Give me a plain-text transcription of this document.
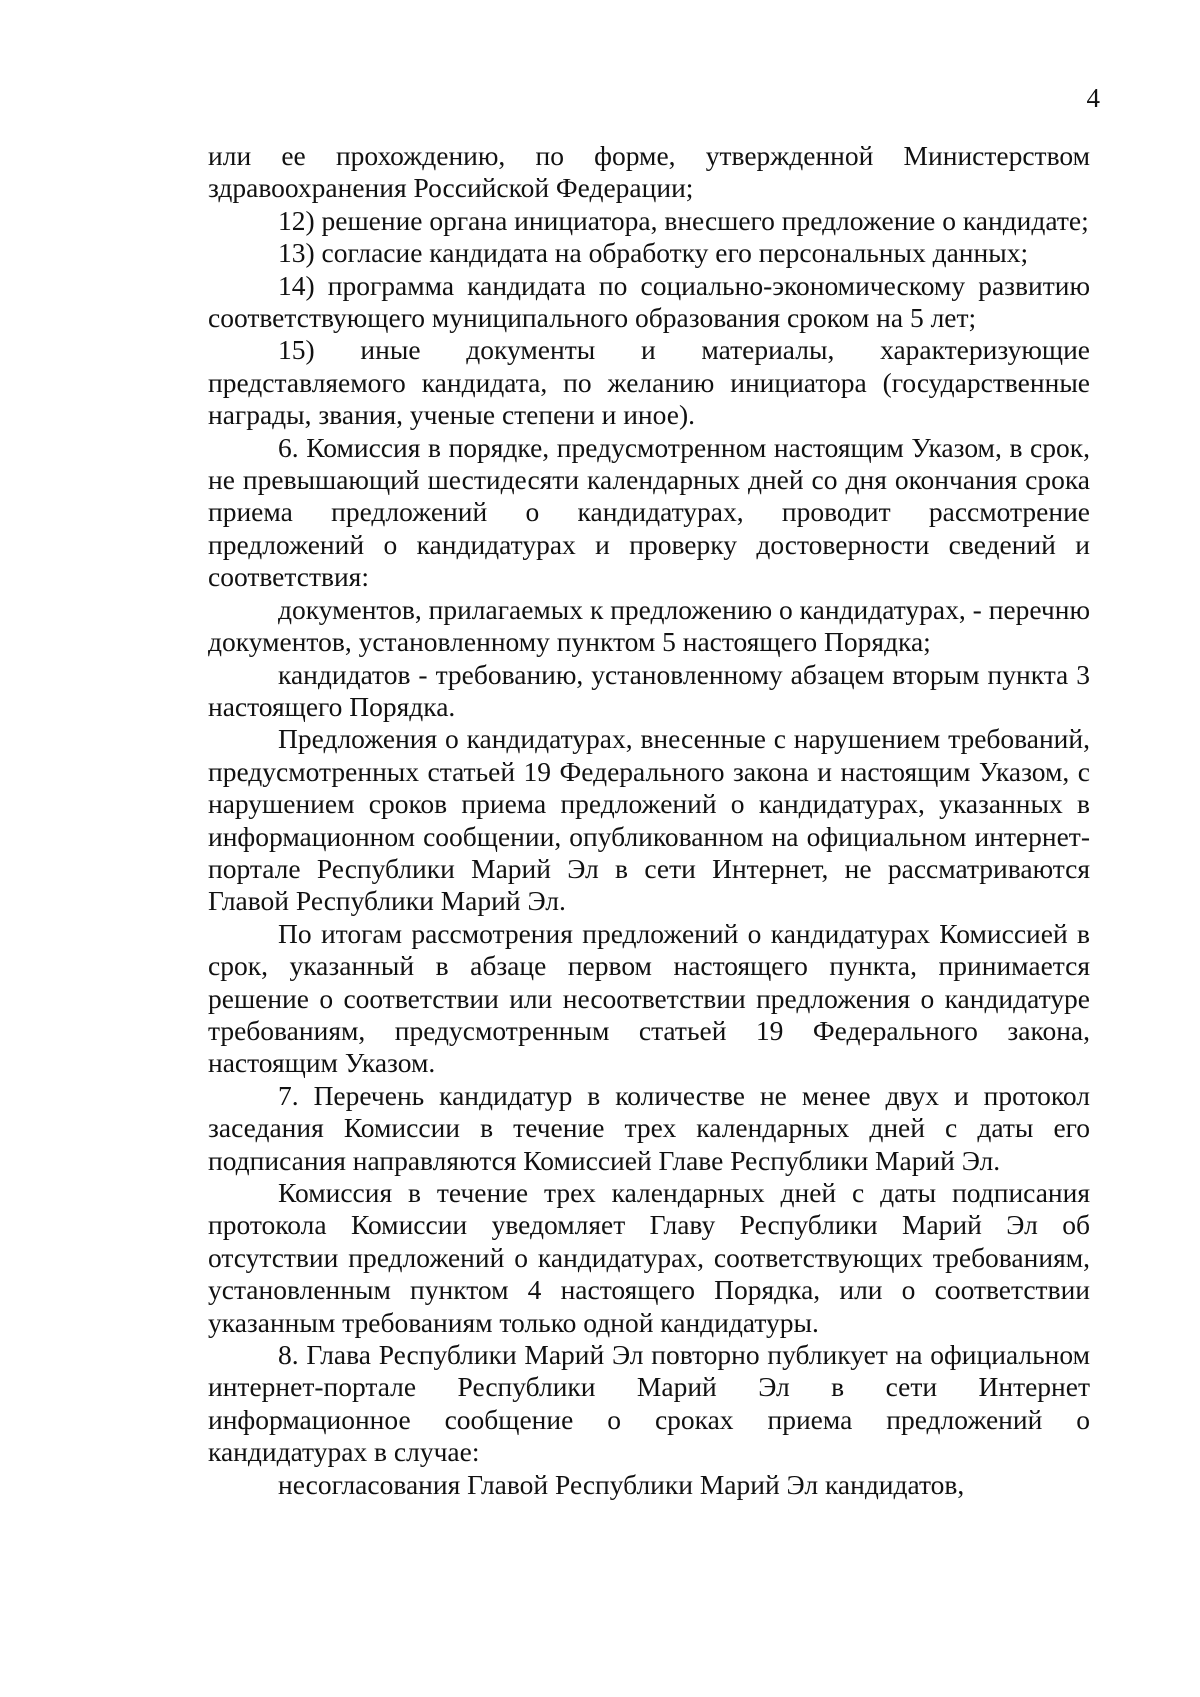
4

или ее прохождению, по форме, утвержденной Министерством здравоохранения Российской Федерации;

12) решение органа инициатора, внесшего предложение о кандидате;

13) согласие кандидата на обработку его персональных данных;

14) программа кандидата по социально-экономическому развитию соответствующего муниципального образования сроком на 5 лет;

15) иные документы и материалы, характеризующие представляемого кандидата, по желанию инициатора (государственные награды, звания, ученые степени и иное).

6. Комиссия в порядке, предусмотренном настоящим Указом, в срок, не превышающий шестидесяти календарных дней со дня окончания срока приема предложений о кандидатурах, проводит рассмотрение предложений о кандидатурах и проверку достоверности сведений и соответствия:

документов, прилагаемых к предложению о кандидатурах, - перечню документов, установленному пунктом 5 настоящего Порядка;

кандидатов - требованию, установленному абзацем вторым пункта 3 настоящего Порядка.

Предложения о кандидатурах, внесенные с нарушением требований, предусмотренных статьей 19 Федерального закона и настоящим Указом, с нарушением сроков приема предложений о кандидатурах, указанных в информационном сообщении, опубликованном на официальном интернет-портале Республики Марий Эл в сети Интернет, не рассматриваются Главой Республики Марий Эл.

По итогам рассмотрения предложений о кандидатурах Комиссией в срок, указанный в абзаце первом настоящего пункта, принимается решение о соответствии или несоответствии предложения о кандидатуре требованиям, предусмотренным статьей 19 Федерального закона, настоящим Указом.

7. Перечень кандидатур в количестве не менее двух и протокол заседания Комиссии в течение трех календарных дней с даты его подписания направляются Комиссией Главе Республики Марий Эл.

Комиссия в течение трех календарных дней с даты подписания протокола Комиссии уведомляет Главу Республики Марий Эл об отсутствии предложений о кандидатурах, соответствующих требованиям, установленным пунктом 4 настоящего Порядка, или о соответствии указанным требованиям только одной кандидатуры.

8. Глава Республики Марий Эл повторно публикует на официальном интернет-портале Республики Марий Эл в сети Интернет информационное сообщение о сроках приема предложений о кандидатурах в случае:

несогласования Главой Республики Марий Эл кандидатов,
